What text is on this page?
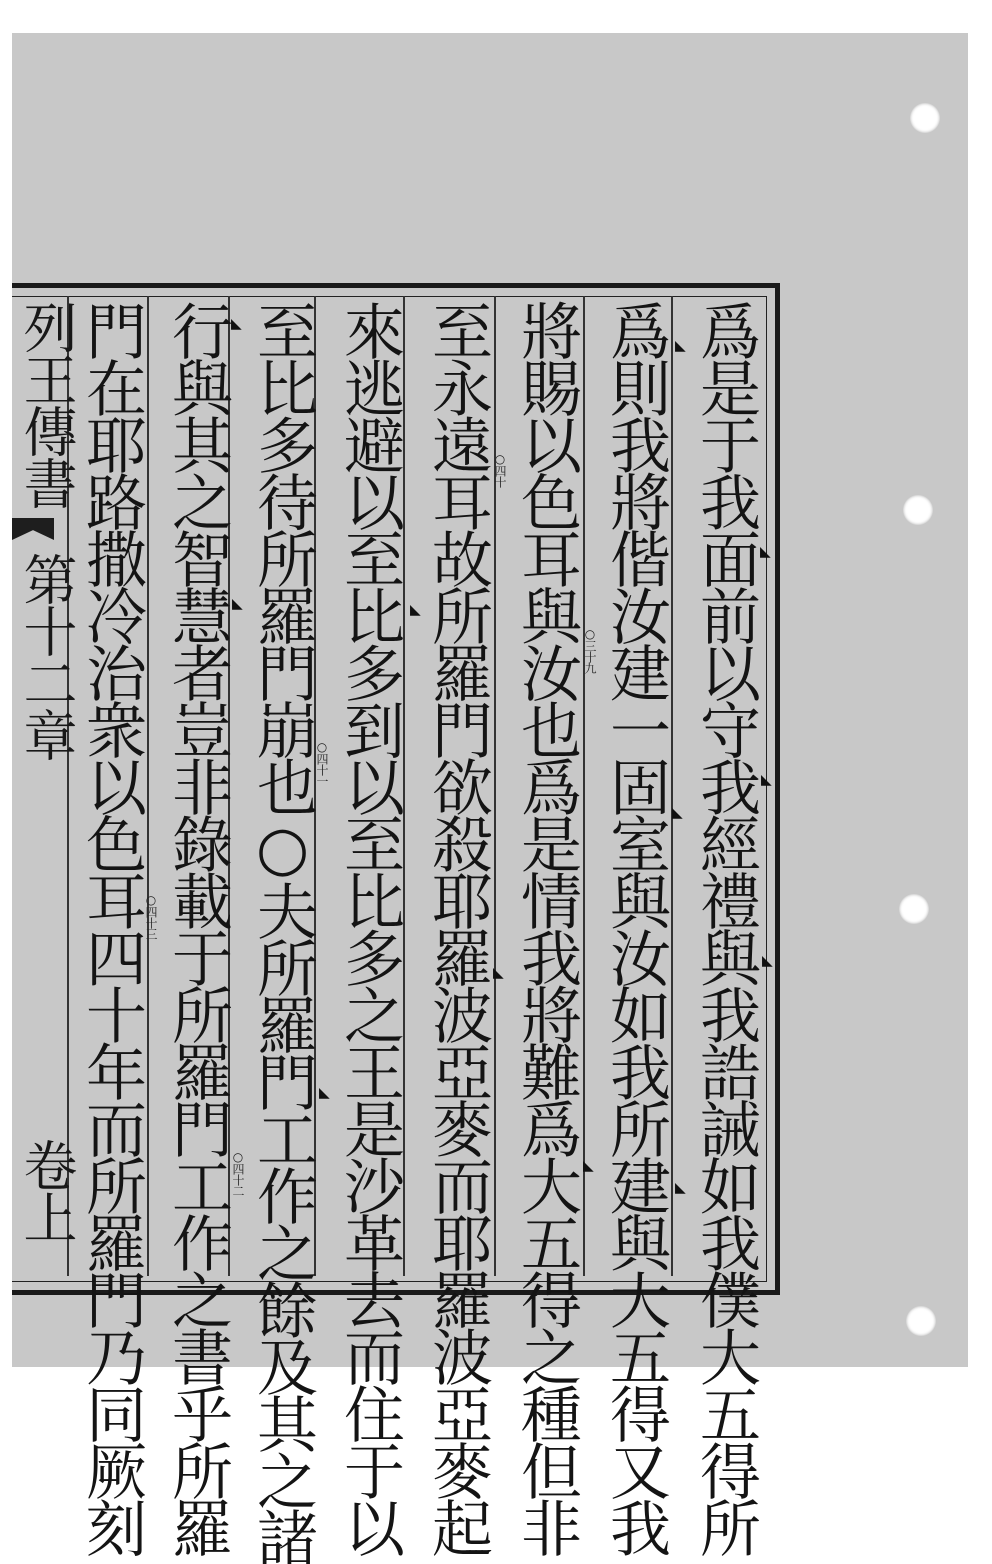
爲是于我面前以守我經禮與我誥誡如我僕大五得所
爲則我將偕汝建一固室與汝如我所建與大五得又我
將賜以色耳與汝也爲是情我將難爲大五得之種但非
至永遠耳故所羅門欲殺耶羅波亞麥而耶羅波亞麥起
來逃避以至比多到以至比多之王是沙革去而住于以
至比多待所羅門崩也○夫所羅門工作之餘及其之諸
行與其之智慧者豈非錄載于所羅門工作之書乎所羅
門在耶路撒冷治衆以色耳四十年而所羅門乃同厥刻	○三十九
○四十
○四十一
○四十二
○四十三
◣
◣
◣
◣
◣
◣
◣
◣
◣
◣
◣
◣
列王傳書
第十二章
卷上
